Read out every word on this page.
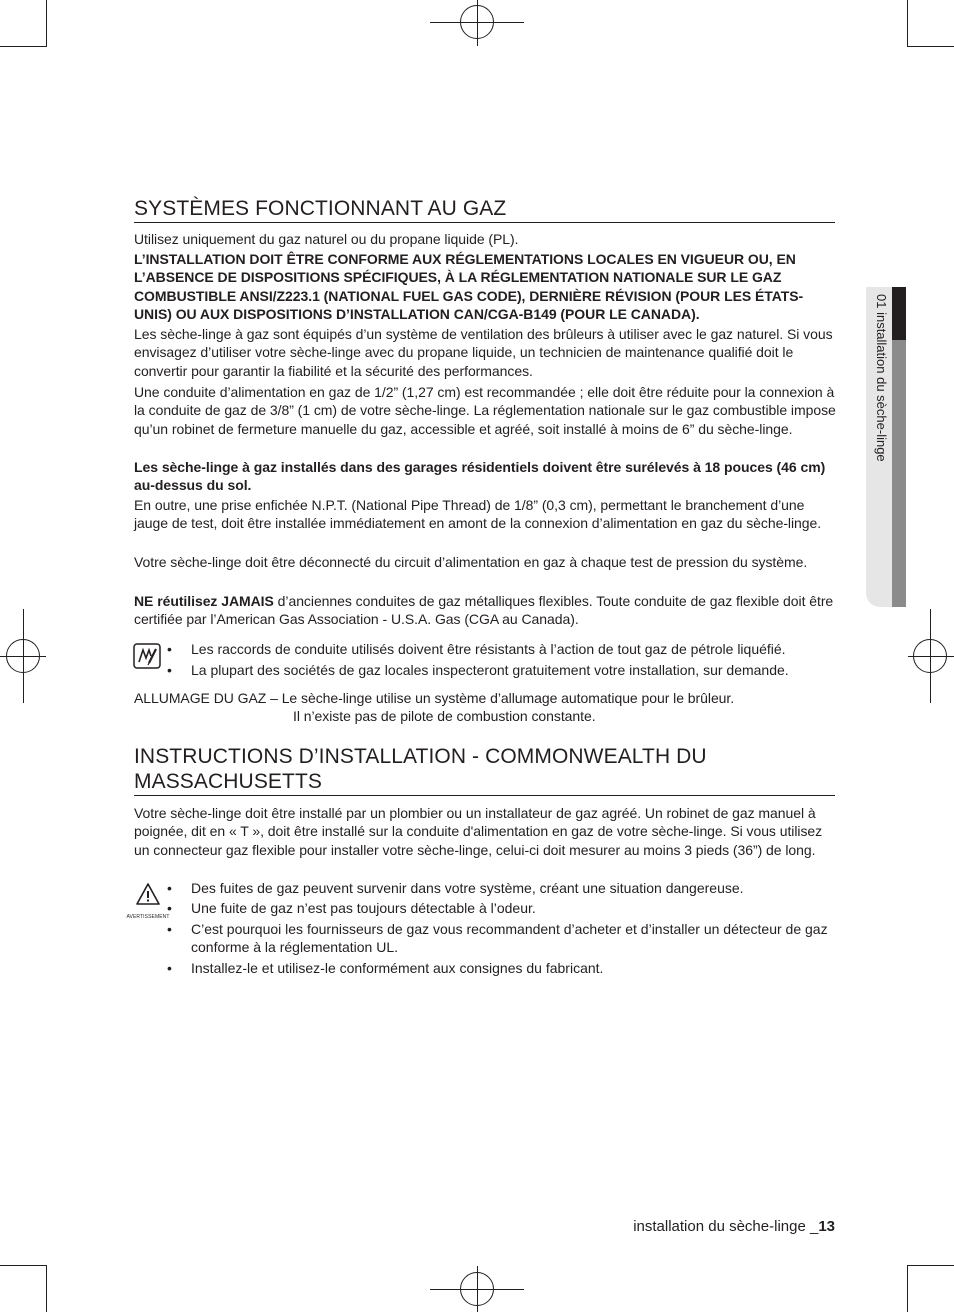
01 installation du sèche-linge
SYSTÈMES FONCTIONNANT AU GAZ

Utilisez uniquement du gaz naturel ou du propane liquide (PL).

L’INSTALLATION DOIT ÊTRE CONFORME AUX RÉGLEMENTATIONS LOCALES EN VIGUEUR OU, EN L’ABSENCE DE DISPOSITIONS SPÉCIFIQUES, À LA RÉGLEMENTATION NATIONALE SUR LE GAZ COMBUSTIBLE ANSI/Z223.1 (NATIONAL FUEL GAS CODE), DERNIÈRE RÉVISION (POUR LES ÉTATS-UNIS) OU AUX DISPOSITIONS D’INSTALLATION CAN/CGA-B149 (POUR LE CANADA).

Les sèche-linge à gaz sont équipés d’un système de ventilation des brûleurs à utiliser avec le gaz naturel. Si vous envisagez d’utiliser votre sèche-linge avec du propane liquide, un technicien de maintenance qualifié doit le convertir pour garantir la fiabilité et la sécurité des performances.

Une conduite d’alimentation en gaz de 1/2” (1,27 cm) est recommandée ; elle doit être réduite pour la connexion à la conduite de gaz de 3/8” (1 cm) de votre sèche-linge. La réglementation nationale sur le gaz combustible impose qu’un robinet de fermeture manuelle du gaz, accessible et agréé, soit installé à moins de 6” du sèche-linge.

Les sèche-linge à gaz installés dans des garages résidentiels doivent être surélevés à 18 pouces (46 cm) au-dessus du sol.

En outre, une prise enfichée N.P.T. (National Pipe Thread) de 1/8” (0,3 cm), permettant le branchement d’une jauge de test, doit être installée immédiatement en amont de la connexion d’alimentation en gaz du sèche-linge.

Votre sèche-linge doit être déconnecté du circuit d’alimentation en gaz à chaque test de pression du système.

NE réutilisez JAMAIS d’anciennes conduites de gaz métalliques flexibles. Toute conduite de gaz flexible doit être certifiée par l’American Gas Association - U.S.A. Gas (CGA au Canada).

• Les raccords de conduite utilisés doivent être résistants à l’action de tout gaz de pétrole liquéfié.
• La plupart des sociétés de gaz locales inspecteront gratuitement votre installation, sur demande.

ALLUMAGE DU GAZ – Le sèche-linge utilise un système d’allumage automatique pour le brûleur.

Il n’existe pas de pilote de combustion constante.

INSTRUCTIONS D’INSTALLATION - COMMONWEALTH DU MASSACHUSETTS

Votre sèche-linge doit être installé par un plombier ou un installateur de gaz agréé. Un robinet de gaz manuel à poignée, dit en « T », doit être installé sur la conduite d'alimentation en gaz de votre sèche-linge. Si vous utilisez un connecteur gaz flexible pour installer votre sèche-linge, celui-ci doit mesurer au moins 3 pieds (36”) de long.

AVERTISSEMENT
• Des fuites de gaz peuvent survenir dans votre système, créant une situation dangereuse.
• Une fuite de gaz n’est pas toujours détectable à l’odeur.
• C’est pourquoi les fournisseurs de gaz vous recommandent d’acheter et d’installer un détecteur de gaz conforme à la réglementation UL.
• Installez-le et utilisez-le conformément aux consignes du fabricant.
installation du sèche-linge _13
